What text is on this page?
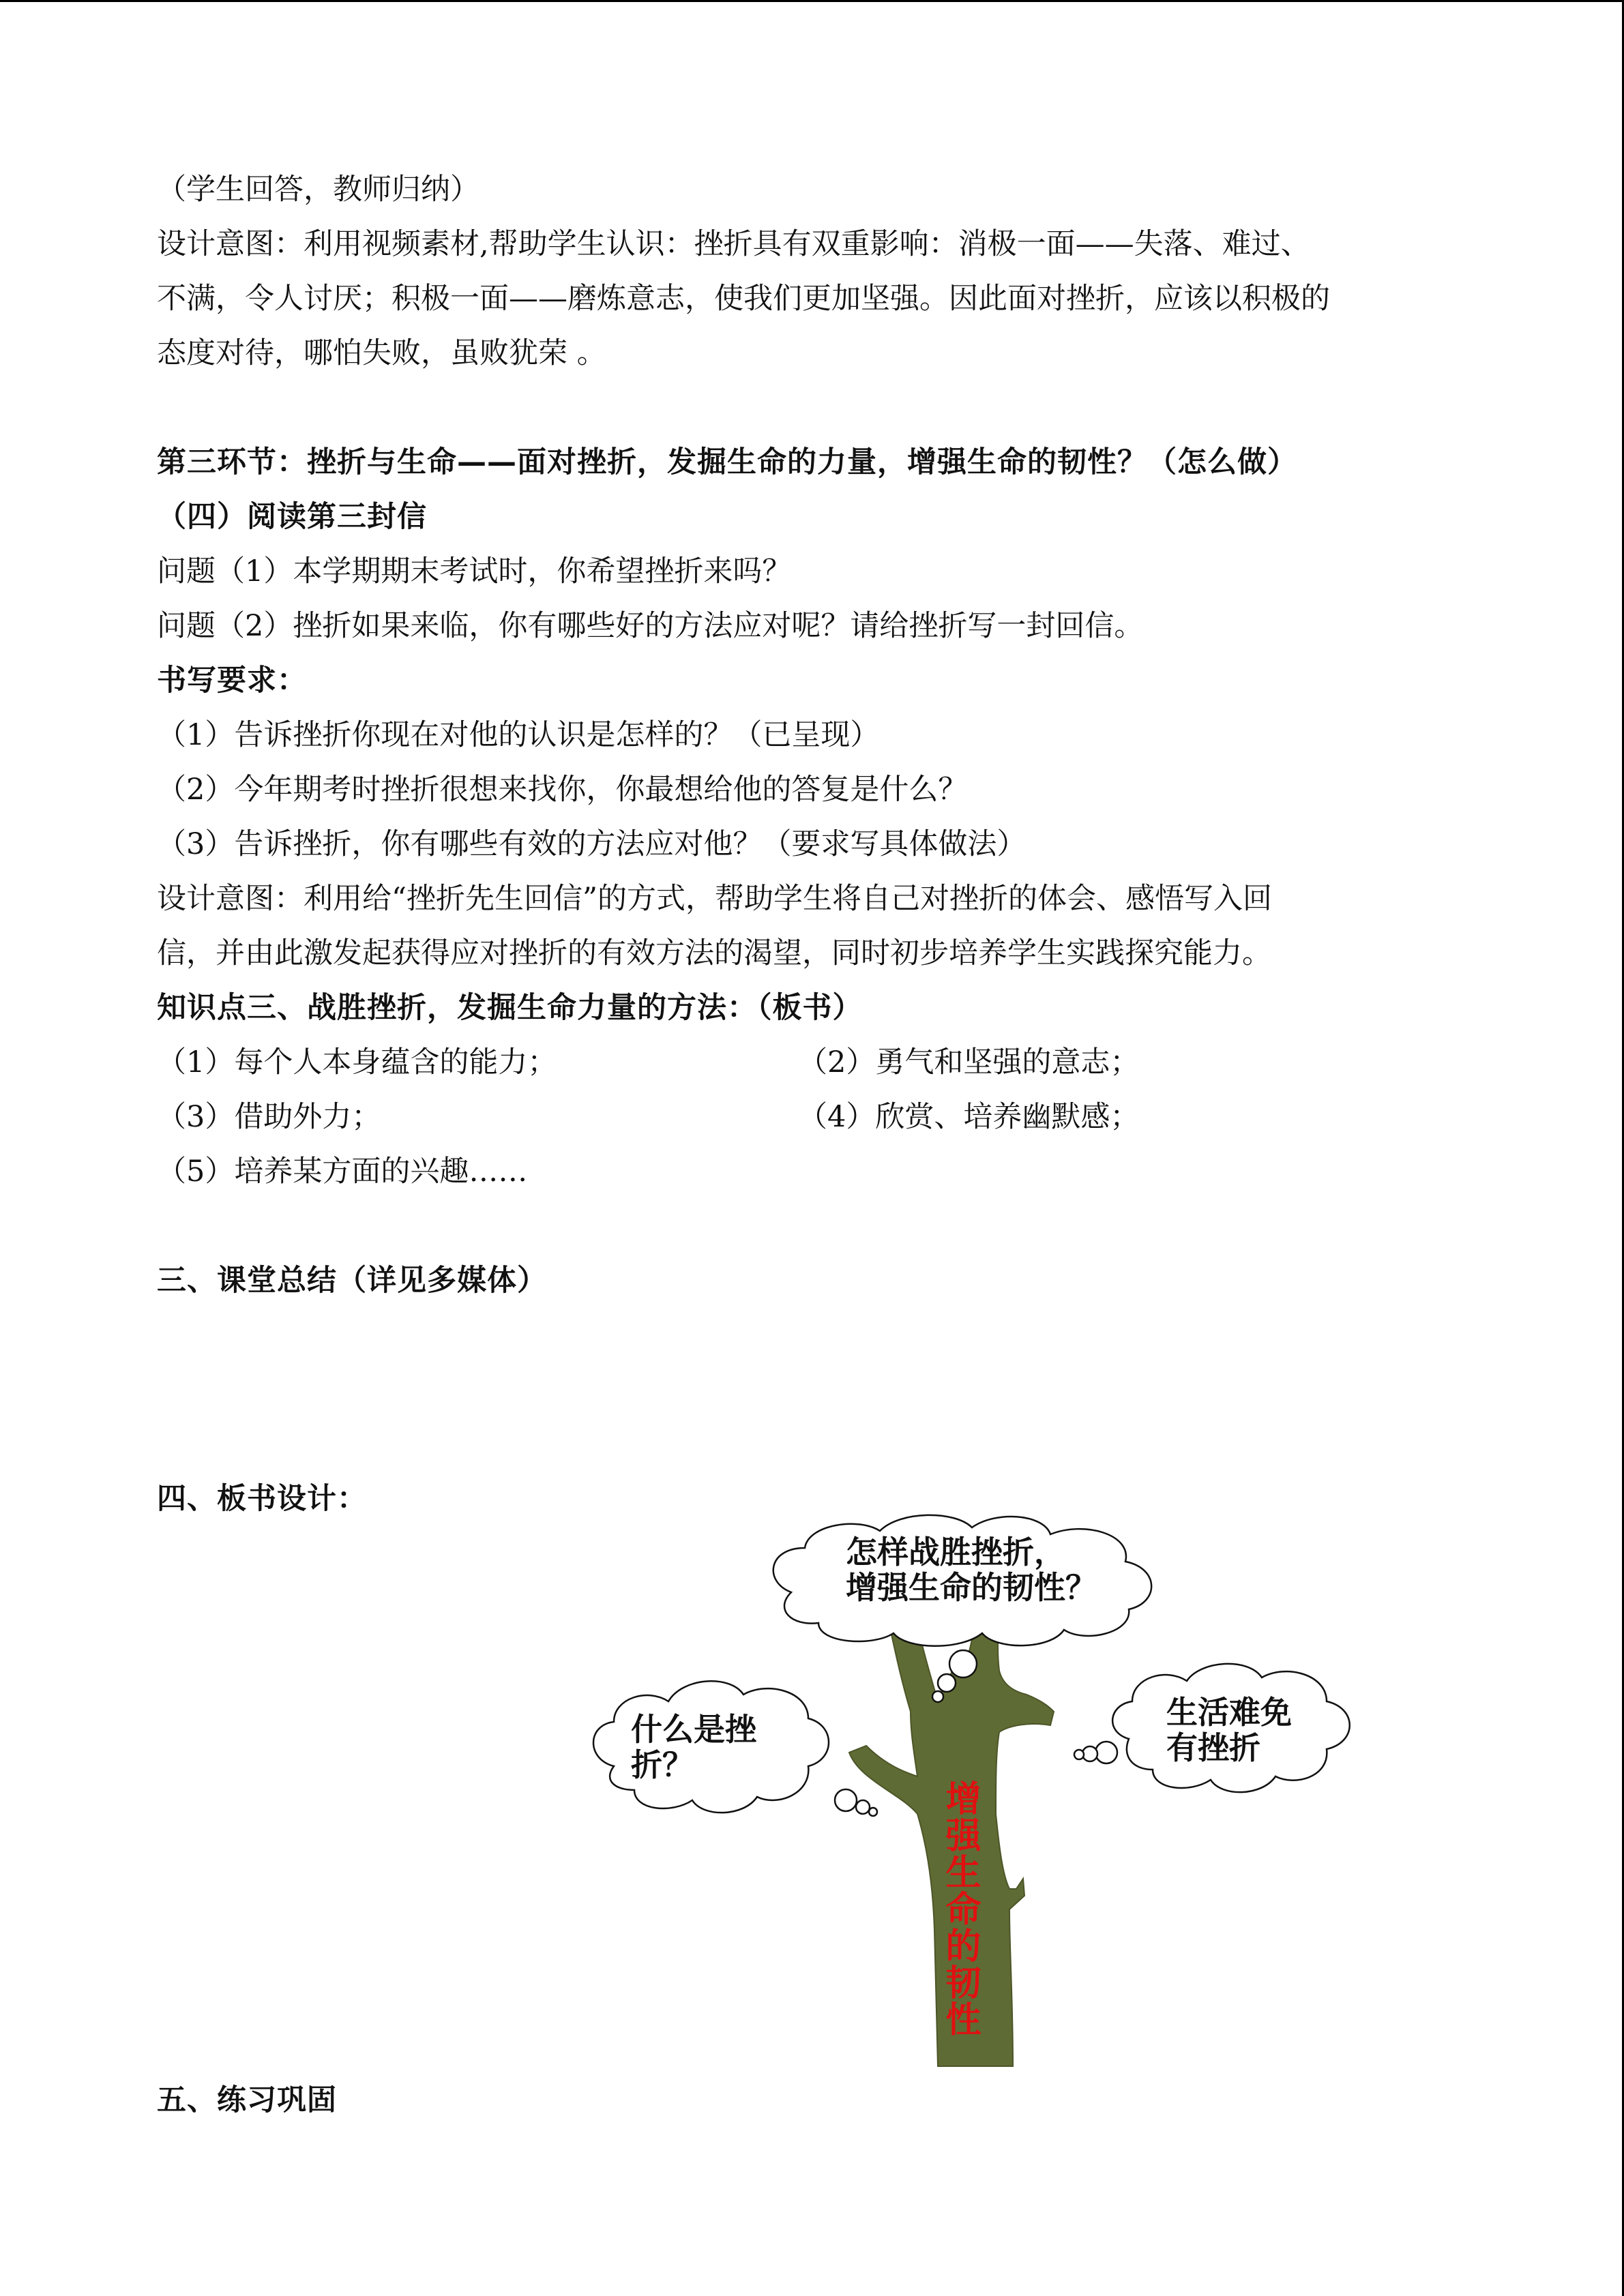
（学生回答，教师归纳）

设计意图：利用视频素材,帮助学生认识：挫折具有双重影响：消极一面——失落、难过、

不满，令人讨厌；积极一面——磨炼意志，使我们更加坚强。因此面对挫折，应该以积极的

态度对待，哪怕失败，虽败犹荣 。

第三环节：挫折与生命——面对挫折，发掘生命的力量，增强生命的韧性？（怎么做）

（四）阅读第三封信

问题（1）本学期期末考试时，你希望挫折来吗？

问题（2）挫折如果来临，你有哪些好的方法应对呢？请给挫折写一封回信。

书写要求：

（1）告诉挫折你现在对他的认识是怎样的？（已呈现）

（2）今年期考时挫折很想来找你，你最想给他的答复是什么？

（3）告诉挫折，你有哪些有效的方法应对他？（要求写具体做法）

设计意图：利用给“挫折先生回信”的方式，帮助学生将自己对挫折的体会、感悟写入回

信，并由此激发起获得应对挫折的有效方法的渴望，同时初步培养学生实践探究能力。

知识点三、战胜挫折，发掘生命力量的方法：（板书）

（1）每个人本身蕴含的能力；	（2）勇气和坚强的意志；

（3）借助外力；	（4）欣赏、培养幽默感；

（5）培养某方面的兴趣……

三、课堂总结（详见多媒体）

四、板书设计：

怎样战胜挫折，
增强生命的韧性？
什么是挫
折？
生活难免
有挫折
增强生命的韧性

五、练习巩固
